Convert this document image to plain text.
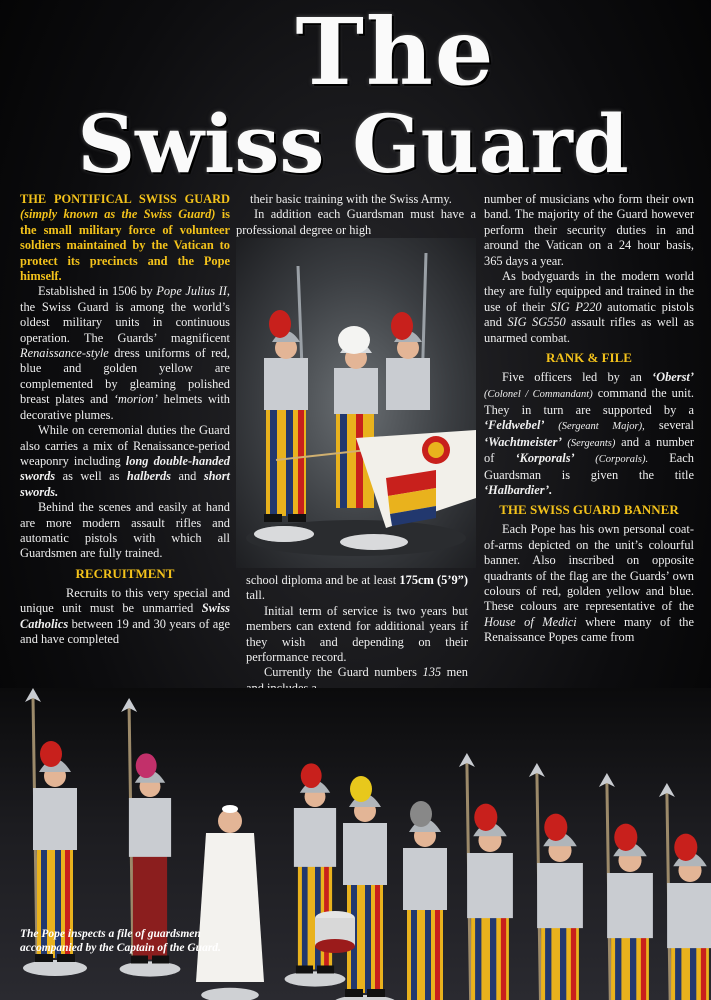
The
Swiss Guard

THE PONTIFICAL SWISS GUARD (simply known as the Swiss Guard) is the small military force of volunteer soldiers maintained by the Vatican to protect its precincts and the Pope himself.

Established in 1506 by Pope Julius II, the Swiss Guard is among the world’s oldest military units in continuous operation. The Guards’ magnificent Renaissance-style dress uniforms of red, blue and golden yellow are complemented by gleaming polished breast plates and ‘morion’ helmets with decorative plumes.

While on ceremonial duties the Guard also carries a mix of Renaissance-period weaponry including long double-handed swords as well as halberds and short swords.

Behind the scenes and easily at hand are more modern assault rifles and automatic pistols with which all Guardsmen are fully trained.

RECRUITMENT

Recruits to this very special and unique unit must be unmarried Swiss Catholics between 19 and 30 years of age and have completed

their basic training with the Swiss Army.

In addition each Guardsman must have a professional degree or high

school diploma and be at least 175cm (5’9”) tall.

Initial term of service is two years but members can extend for additional years if they wish and depending on their performance record.

Currently the Guard numbers 135 men

number of musicians who form their own band. The majority of the Guard however perform their security duties in and around the Vatican on a 24 hour basis, 365 days a year.

As bodyguards in the modern world they are fully equipped and trained in the use of their SIG P220 automatic pistols and SIG SG550 assault rifles as well as unarmed combat.

RANK & FILE

Five officers led by an ‘Oberst’ (Colonel / Commandant) command the unit. They in turn are supported by a ‘Feldwebel’ (Sergeant Major), several ‘Wachtmeister’ (Sergeants) and a number of ‘Korporals’ (Corporals). Each Guardsman is given the title ‘Halbardier’.

THE SWISS GUARD BANNER

Each Pope has his own personal coat-of-arms depicted on the unit’s colourful banner. Also inscribed on opposite quadrants of the flag are the Guards’ own colours of red, golden yellow and blue. These colours are representative of the House of Medici where many of the Renaissance Popes came from

The Pope inspects a file of guardsmen accompanied by the Captain of the Guard.
